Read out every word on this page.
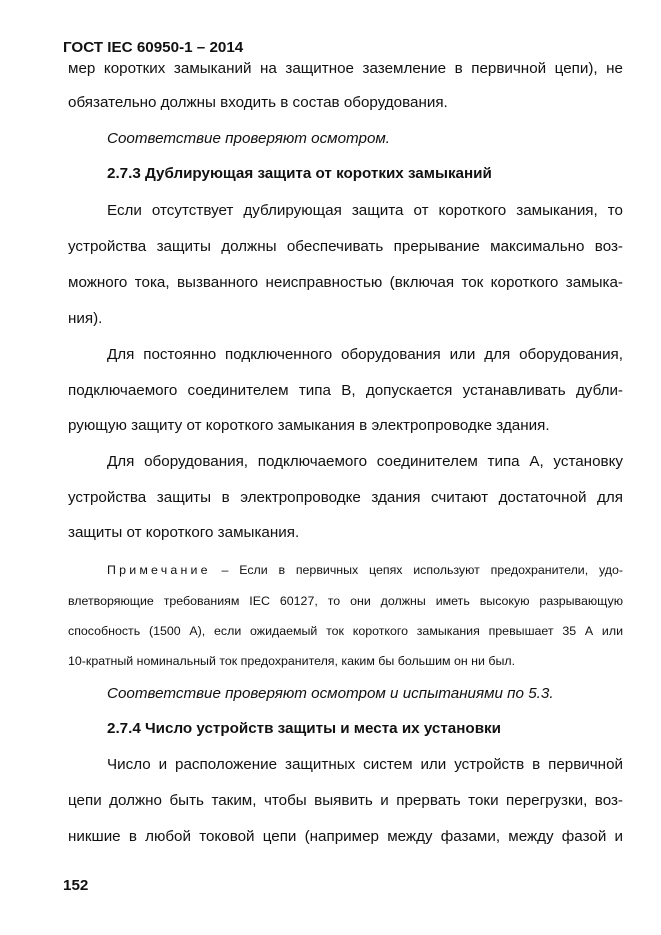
ГОСТ IEC 60950-1 – 2014
мер коротких замыканий на защитное заземление в первичной цепи), не
обязательно должны входить в состав оборудования.
Соответствие проверяют осмотром.
2.7.3 Дублирующая защита от коротких замыканий
Если отсутствует дублирующая защита от короткого замыкания, то
устройства защиты должны обеспечивать прерывание максимально воз-
можного тока, вызванного неисправностью (включая ток короткого замыка-
ния).
Для постоянно подключенного оборудования или для оборудования,
подключаемого соединителем типа В, допускается устанавливать дубли-
рующую защиту от короткого замыкания в электропроводке здания.
Для оборудования, подключаемого соединителем типа А, установку
устройства защиты в электропроводке здания считают достаточной для
защиты от короткого замыкания.
Примечание – Если в первичных цепях используют предохранители, удо-
влетворяющие требованиям IEC 60127, то они должны иметь высокую разрывающую
способность (1500 А), если ожидаемый ток короткого замыкания превышает 35 А или
10-кратный номинальный ток предохранителя, каким бы большим он ни был.
Соответствие проверяют осмотром и испытаниями по 5.3.
2.7.4 Число устройств защиты и места их установки
Число и расположение защитных систем или устройств в первичной
цепи должно быть таким, чтобы выявить и прервать токи перегрузки, воз-
никшие в любой токовой цепи (например между фазами, между фазой и
152
